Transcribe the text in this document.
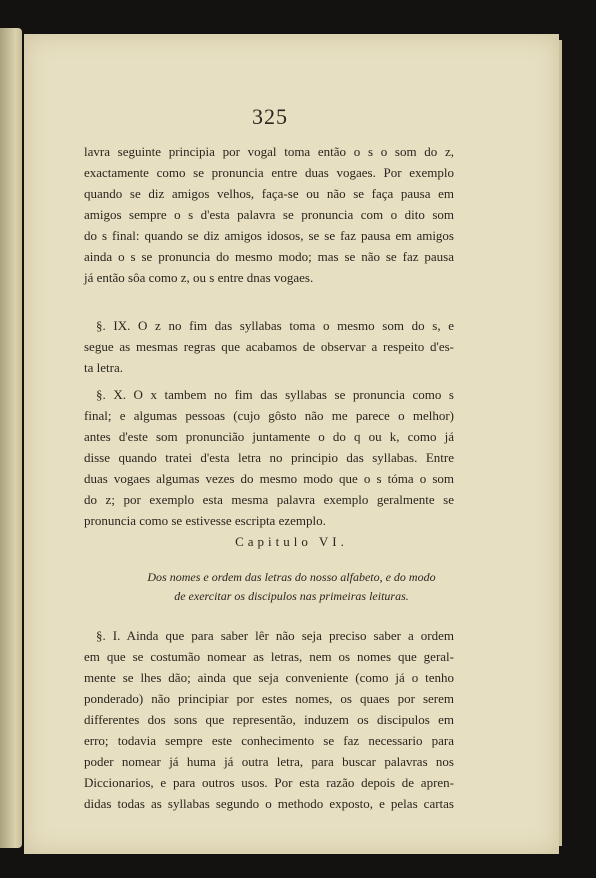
325
lavra seguinte principia por vogal toma então o s o som do z,
exactamente como se pronuncia entre duas vogaes. Por exemplo
quando se diz amigos velhos, faça-se ou não se faça pausa em
amigos sempre o s d'esta palavra se pronuncia com o dito som
do s final: quando se diz amigos idosos, se se faz pausa em amigos
ainda o s se pronuncia do mesmo modo; mas se não se faz pausa
já então sôa como z, ou s entre dnas vogaes.
§. IX. O z no fim das syllabas toma o mesmo som do s, e
segue as mesmas regras que acabamos de observar a respeito d'es-
ta letra.
§. X. O x tambem no fim das syllabas se pronuncia como s
final; e algumas pessoas (cujo gôsto não me parece o melhor)
antes d'este som pronuncião juntamente o do q ou k, como já
disse quando tratei d'esta letra no principio das syllabas. Entre
duas vogaes algumas vezes do mesmo modo que o s tóma o som
do z; por exemplo esta mesma palavra exemplo geralmente se
pronuncia como se estivesse escripta ezemplo.
Capitulo VI.
Dos nomes e ordem das letras do nosso alfabeto, e do modo
de exercitar os discipulos nas primeiras leituras.
§. I. Ainda que para saber lêr não seja preciso saber a ordem
em que se costumão nomear as letras, nem os nomes que geral-
mente se lhes dão; ainda que seja conveniente (como já o tenho
ponderado) não principiar por estes nomes, os quaes por serem
differentes dos sons que representão, induzem os discipulos em
erro; todavia sempre este conhecimento se faz necessario para
poder nomear já huma já outra letra, para buscar palavras nos
Diccionarios, e para outros usos. Por esta razão depois de apren-
didas todas as syllabas segundo o methodo exposto, e pelas cartas
